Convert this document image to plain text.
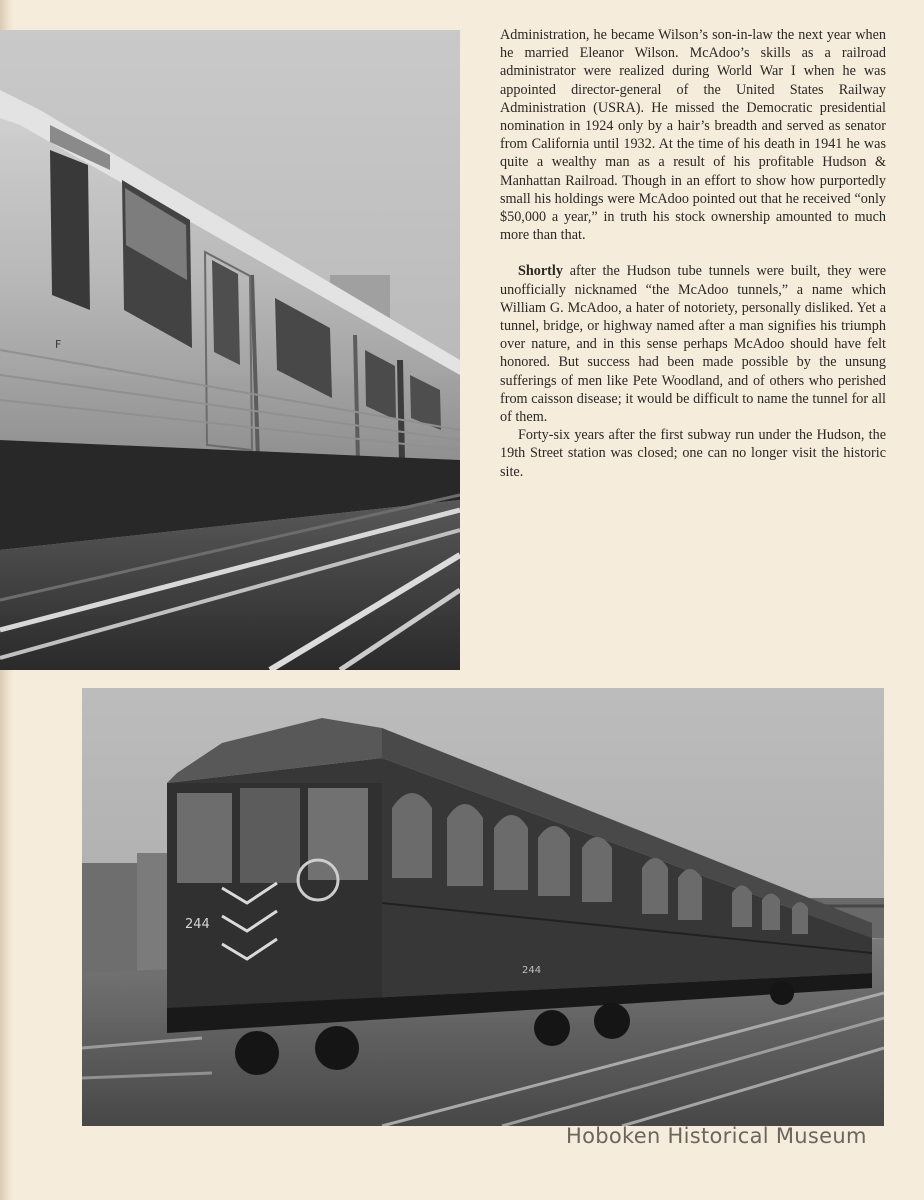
F

Administration, he became Wilson’s son-in-law the next year when he married Eleanor Wilson. McAdoo’s skills as a railroad administrator were realized during World War I when he was appointed director-general of the United States Railway Administration (USRA). He missed the Democratic presidential nomination in 1924 only by a hair’s breadth and served as senator from California until 1932. At the time of his death in 1941 he was quite a wealthy man as a result of his profitable Hudson & Manhattan Railroad. Though in an effort to show how purportedly small his holdings were McAdoo pointed out that he received “only $50,000 a year,” in truth his stock ownership amounted to much more than that.

Shortly after the Hudson tube tunnels were built, they were unofficially nicknamed “the McAdoo tunnels,” a name which William G. McAdoo, a hater of notoriety, personally disliked. Yet a tunnel, bridge, or highway named after a man signifies his triumph over nature, and in this sense perhaps McAdoo should have felt honored. But success had been made possible by the unsung sufferings of men like Pete Woodland, and of others who perished from caisson disease; it would be difficult to name the tunnel for all of them.

Forty-six years after the first subway run under the Hudson, the 19th Street station was closed; one can no longer visit the historic site.

244
244
Hoboken Historical Museum
